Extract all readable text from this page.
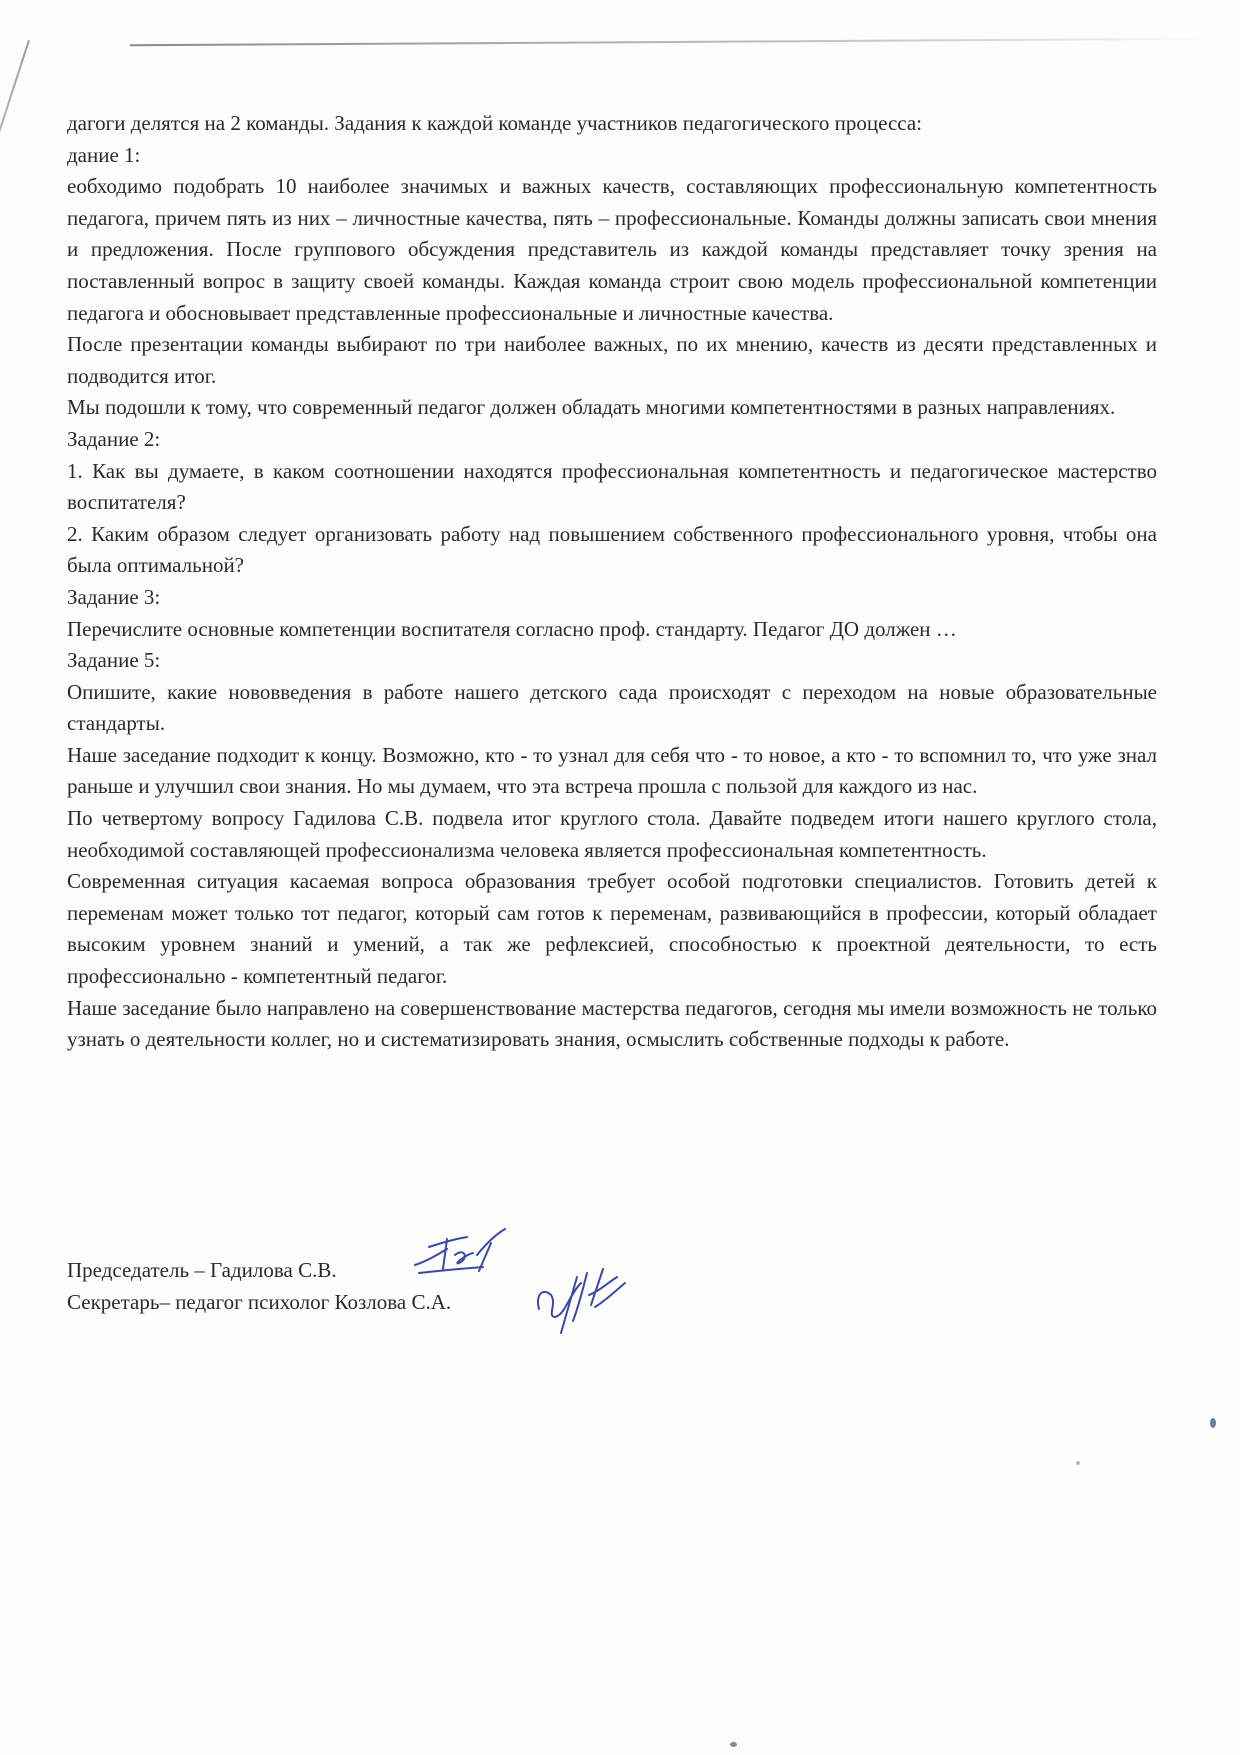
дагоги делятся на 2 команды. Задания к каждой команде участников педагогического процесса:

дание 1:

еобходимо подобрать 10 наиболее значимых и важных качеств, составляющих профессиональную компетентность педагога, причем пять из них – личностные качества, пять – профессиональные. Команды должны записать свои мнения и предложения. После группового обсуждения представитель из каждой команды представляет точку зрения на поставленный вопрос в защиту своей команды. Каждая команда строит свою модель профессиональной компетенции педагога и обосновывает представленные профессиональные и личностные качества.

После презентации команды выбирают по три наиболее важных, по их мнению, качеств из десяти представленных и подводится итог.

Мы подошли к тому, что современный педагог должен обладать многими компетентностями в разных направлениях.

Задание 2:

1. Как вы думаете, в каком соотношении находятся профессиональная компетентность и педагогическое мастерство воспитателя?

2. Каким образом следует организовать работу над повышением собственного профессионального уровня, чтобы она была оптимальной?

Задание 3:

Перечислите основные компетенции воспитателя согласно проф. стандарту. Педагог ДО должен …

Задание 5:

Опишите, какие нововведения в работе нашего детского сада происходят с переходом на новые образовательные стандарты.

Наше заседание подходит к концу. Возможно, кто - то узнал для себя что - то новое, а кто - то вспомнил то, что уже знал раньше и улучшил свои знания. Но мы думаем, что эта встреча прошла с пользой для каждого из нас.

По четвертому вопросу Гадилова С.В. подвела итог круглого стола. Давайте подведем итоги нашего круглого стола, необходимой составляющей профессионализма человека является профессиональная компетентность.

Современная ситуация касаемая вопроса образования требует особой подготовки специалистов. Готовить детей к переменам может только тот педагог, который сам готов к переменам, развивающийся в профессии, который обладает высоким уровнем знаний и умений, а так же рефлексией, способностью к проектной деятельности, то есть профессионально - компетентный педагог.

Наше заседание было направлено на совершенствование мастерства педагогов, сегодня мы имели возможность не только узнать о деятельности коллег, но и систематизировать знания, осмыслить собственные подходы к работе.

Председатель – Гадилова С.В.
Секретарь– педагог психолог Козлова С.А.
